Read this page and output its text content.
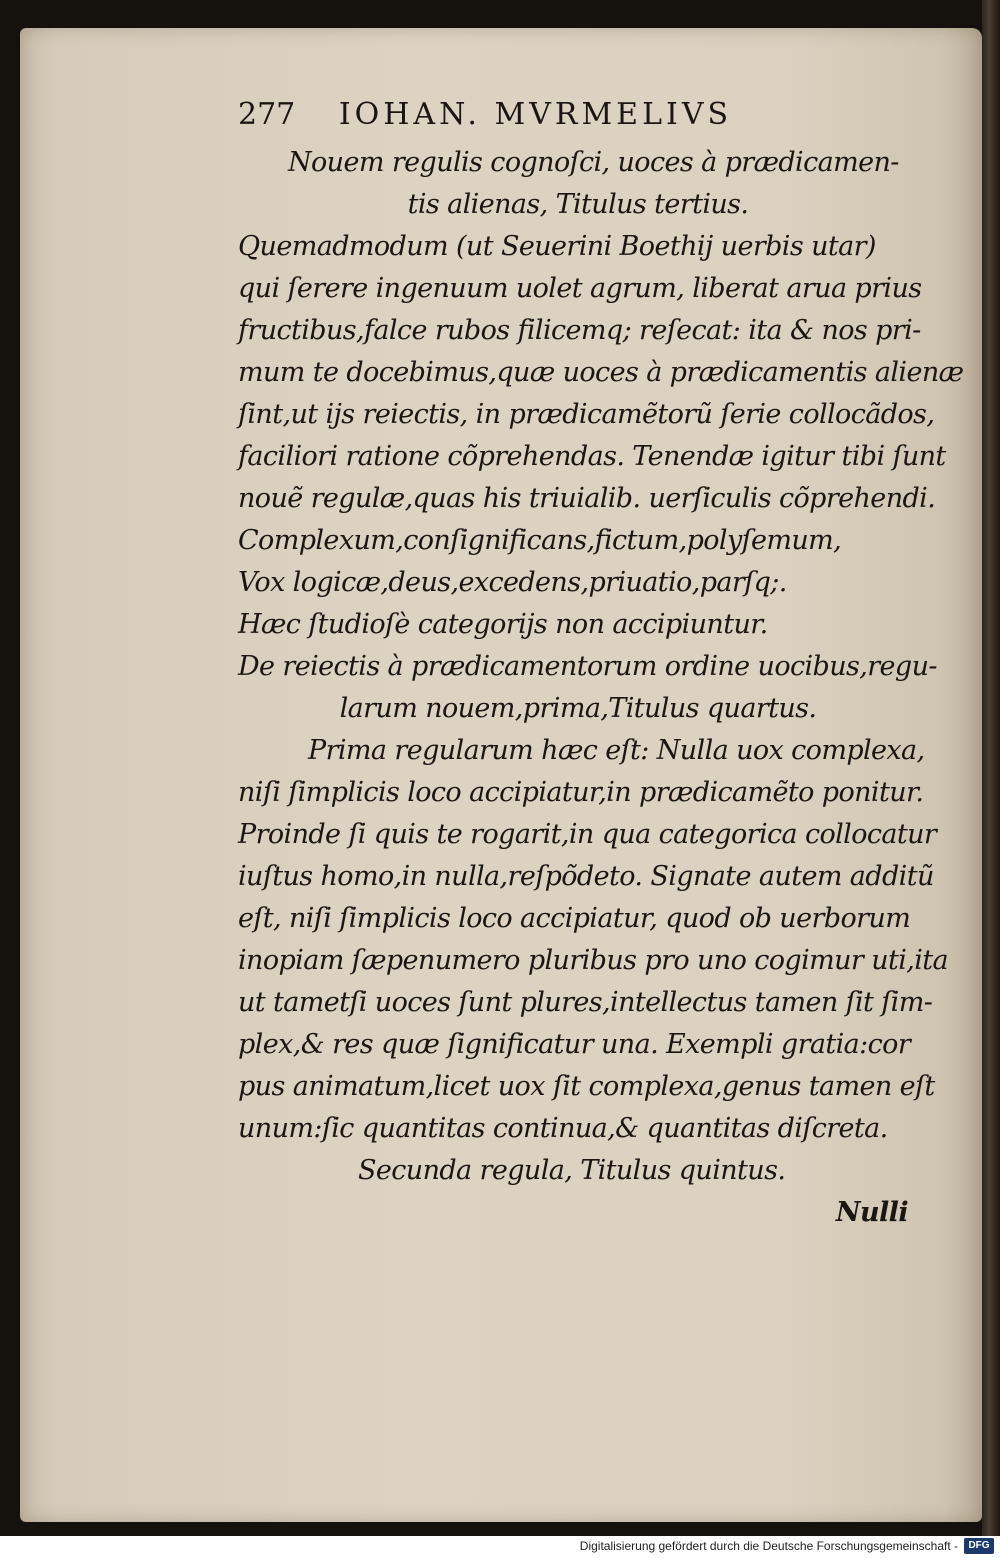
277 IOHAN. MVRMELIVS
Nouem regulis cognoſci, uoces à prædicamen-
tis alienas, Titulus tertius.
Quemadmodum (ut Seuerini Boethij uerbis utar)
qui ſerere ingenuum uolet agrum, liberat arua prius
fructibus,falce rubos filicemq; reſecat: ita & nos pri-
mum te docebimus,quæ uoces à prædicamentis alienæ
ſint,ut ijs reiectis, in prædicamẽtorũ ſerie collocãdos,
faciliori ratione cõprehendas. Tenendæ igitur tibi ſunt
nouẽ regulæ,quas his triuialib. uerſiculis cõprehendi.
Complexum,conſignificans,fictum,polyſemum,
Vox logicæ,deus,excedens,priuatio,parſq;.
Hæc ſtudioſè categorijs non accipiuntur.
De reiectis à prædicamentorum ordine uocibus,regu-
larum nouem,prima,Titulus quartus.
Prima regularum hæc eſt: Nulla uox complexa,
niſi ſimplicis loco accipiatur,in prædicamẽto ponitur.
Proinde ſi quis te rogarit,in qua categorica collocatur
iuſtus homo,in nulla,reſpõdeto. Signate autem additũ
eſt, niſi ſimplicis loco accipiatur, quod ob uerborum
inopiam ſæpenumero pluribus pro uno cogimur uti,ita
ut tametſi uoces ſunt plures,intellectus tamen ſit ſim-
plex,& res quæ ſignificatur una. Exempli gratia:cor
pus animatum,licet uox ſit complexa,genus tamen eſt
unum:ſic quantitas continua,& quantitas diſcreta.
Secunda regula, Titulus quintus.
Nulli
Digitalisierung gefördert durch die Deutsche Forschungsgemeinschaft -	DFG
